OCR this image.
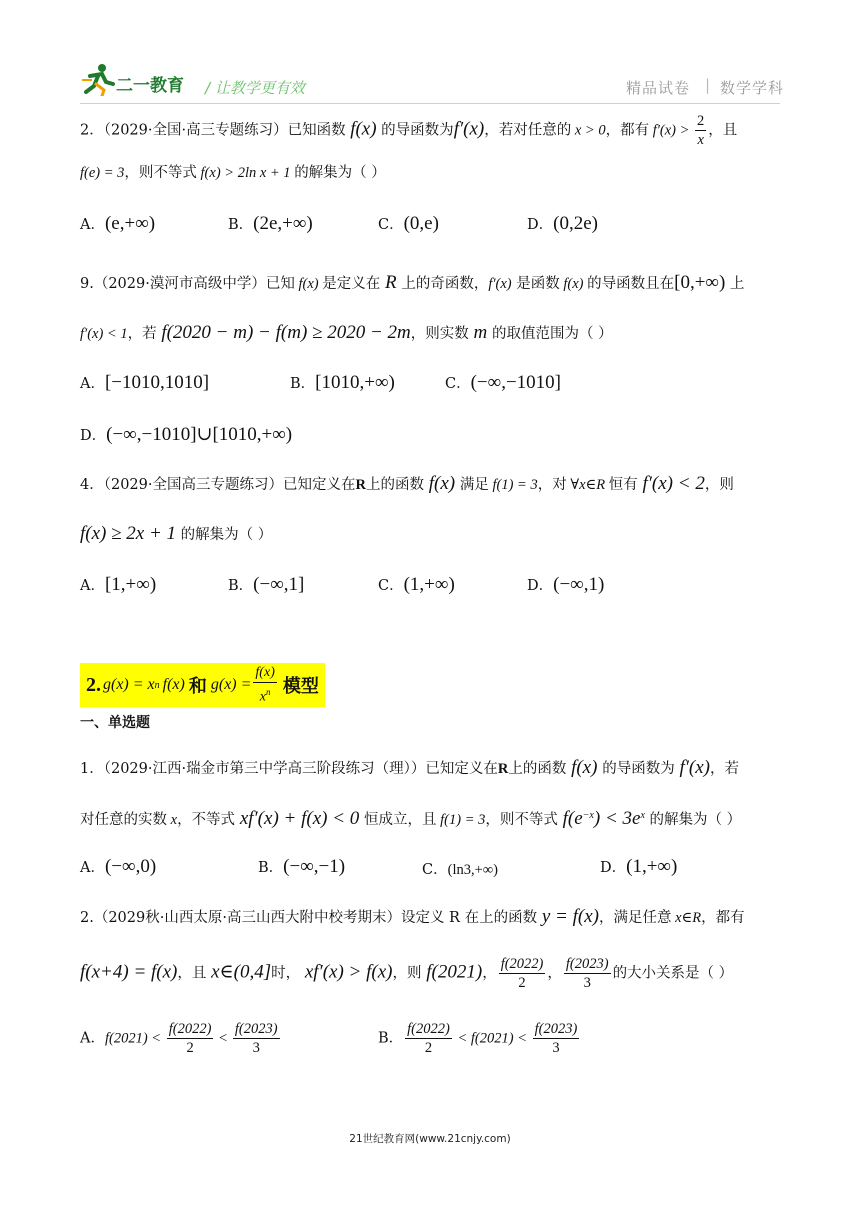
二一教育 / 让教学更有效	精品试卷 | 数学学科
2．（2029·全国·高三专题练习）已知函数 f(x) 的导函数为f′(x)，若对任意的 x > 0，都有 $f'(x) > \frac{2}{x}$ ，且
f(e) = 3，则不等式 f(x) > 2ln x + 1 的解集为（ ）
A．(e,+∞)	B．(2e,+∞)	C．(0,e)	D．(0,2e)
9.（2029·漠河市高级中学）已知 f(x) 是定义在 R 上的奇函数，f′(x) 是函数 f(x) 的导函数且在[0,+∞) 上
f′(x) < 1，若 f(2020 − m) − f(m) ≥ 2020 − 2m，则实数 m 的取值范围为（ ）
A．[−1010,1010]	B．[1010,+∞)	C．(−∞,−1010]
D．(−∞,−1010]∪[1010,+∞)
4．（2029·全国高三专题练习）已知定义在R上的函数 f(x) 满足 f(1) = 3，对 ∀x∈R 恒有 f′(x) < 2，则
f(x) ≥ 2x + 1 的解集为（ ）
A．[1,+∞)	B．(−∞,1]	C．(1,+∞)	D．(−∞,1)
2. g(x) = x n f(x) 和 $g(x) = \frac{f(x)}{x^n}$ 模型
一、单选题
1．（2029·江西·瑞金市第三中学高三阶段练习（理））已知定义在R上的函数 f(x) 的导函数为 f′(x)，若
对任意的实数 x，不等式 xf′(x) + f(x) < 0 恒成立，且 f(1) = 3，则不等式 $f(e^{-x}) < 3e^x$ 的解集为（ ）
A．(−∞,0)	B．(−∞,−1)	C．(ln3,+∞)	D．(1,+∞)
2.（2029秋·山西太原·高三山西大附中校考期末）设定义 R 在上的函数 y = f(x)，满足任意 x∈R，都有
f(x+4) = f(x)，且 x∈(0,4]时， xf′(x) > f(x)，则 f(2021)， $\frac{f(2022)}{2}$ ， $\frac{f(2023)}{3}$ 的大小关系是（ ）
A．$f(2021) < \frac{f(2022)}{2} < \frac{f(2023)}{3}$	B． $\frac{f(2022)}{2} < f(2021) < \frac{f(2023)}{3}$
21世纪教育网(www.21cnjy.com)
